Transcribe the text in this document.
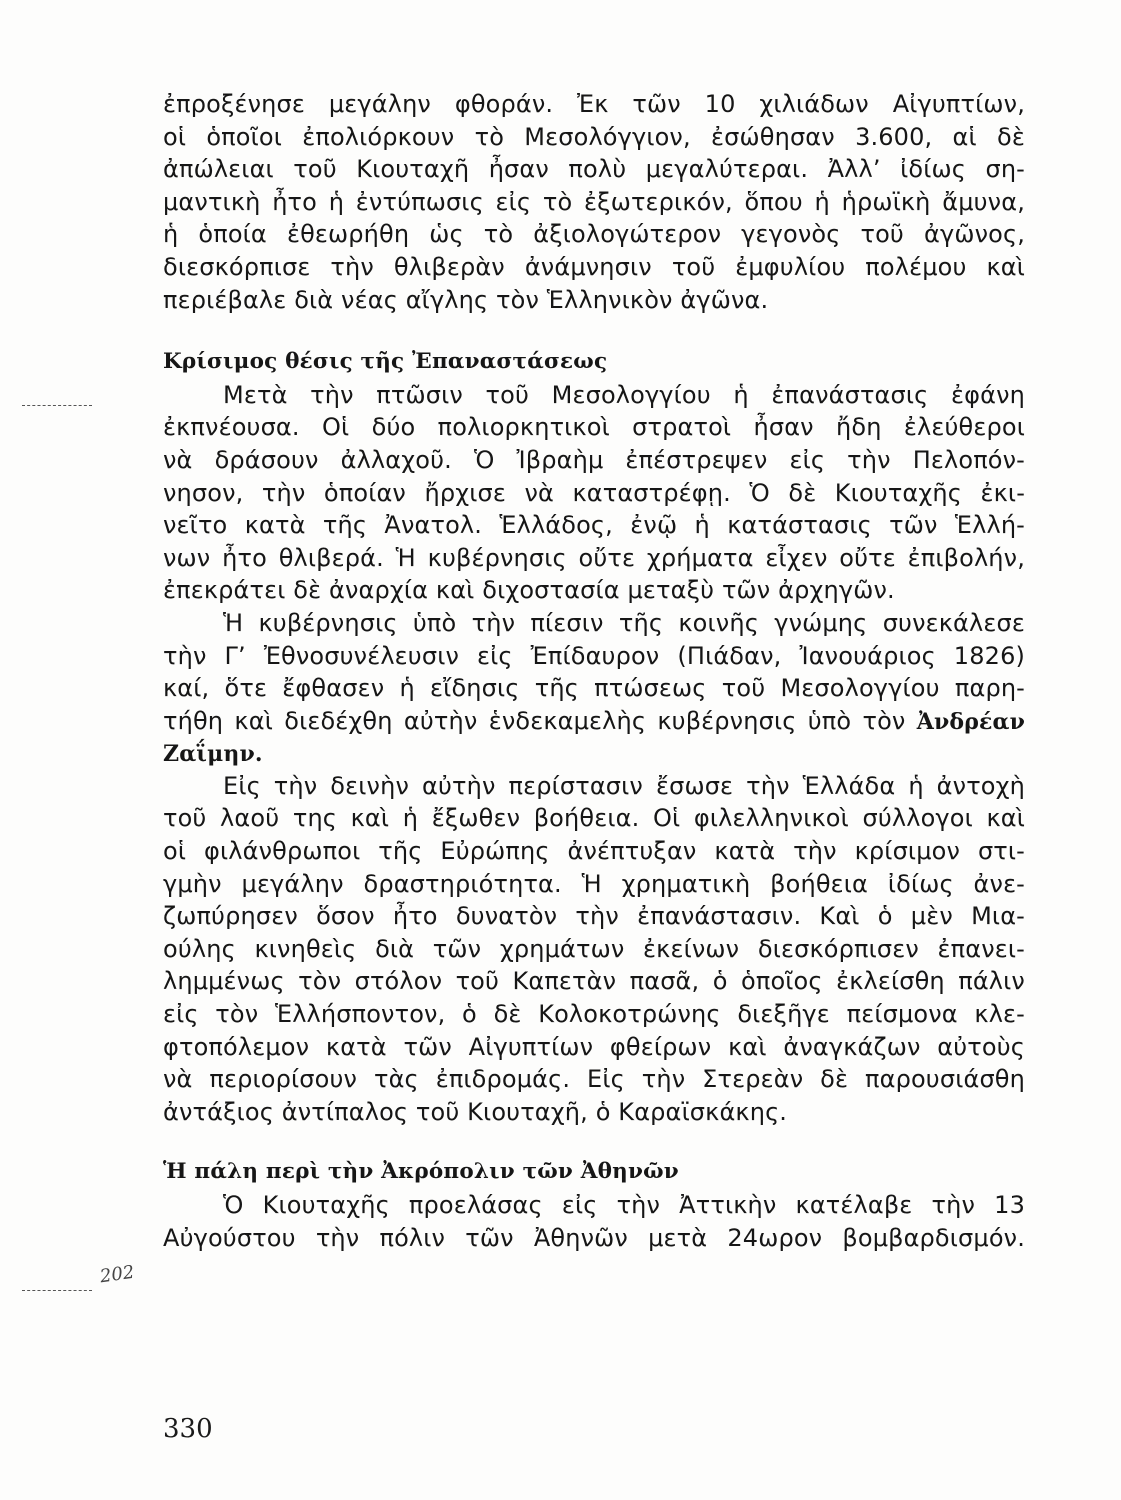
202
ἐπροξένησε μεγάλην φθοράν. Ἐκ τῶν 10 χιλιάδων Αἰγυπτίων,
οἱ ὁποῖοι ἐπολιόρκουν τὸ Μεσολόγγιον, ἐσώθησαν 3.600, αἱ δὲ
ἀπώλειαι τοῦ Κιουταχῆ ἦσαν πολὺ μεγαλύτεραι. Ἀλλ’ ἰδίως ση-
μαντικὴ ἦτο ἡ ἐντύπωσις εἰς τὸ ἐξωτερικόν, ὅπου ἡ ἡρωϊκὴ ἄμυνα,
ἡ ὁποία ἐθεωρήθη ὡς τὸ ἀξιολογώτερον γεγονὸς τοῦ ἀγῶνος,
διεσκόρπισε τὴν θλιβερὰν ἀνάμνησιν τοῦ ἐμφυλίου πολέμου καὶ
περιέβαλε διὰ νέας αἴγλης τὸν Ἑλληνικὸν ἀγῶνα.
Κρίσιμος θέσις τῆς Ἐπαναστάσεως
Μετὰ τὴν πτῶσιν τοῦ Μεσολογγίου ἡ ἐπανάστασις ἐφάνη
ἐκπνέουσα. Οἱ δύο πολιορκητικοὶ στρατοὶ ἦσαν ἤδη ἐλεύθεροι
νὰ δράσουν ἀλλαχοῦ. Ὁ Ἰβραὴμ ἐπέστρεψεν εἰς τὴν Πελοπόν-
νησον, τὴν ὁποίαν ἤρχισε νὰ καταστρέφῃ. Ὁ δὲ Κιουταχῆς ἐκι-
νεῖτο κατὰ τῆς Ἀνατολ. Ἑλλάδος, ἐνῷ ἡ κατάστασις τῶν Ἑλλή-
νων ἦτο θλιβερά. Ἡ κυβέρνησις οὔτε χρήματα εἶχεν οὔτε ἐπιβολήν,
ἐπεκράτει δὲ ἀναρχία καὶ διχοστασία μεταξὺ τῶν ἀρχηγῶν.
Ἡ κυβέρνησις ὑπὸ τὴν πίεσιν τῆς κοινῆς γνώμης συνεκάλεσε
τὴν Γ’ Ἐθνοσυνέλευσιν εἰς Ἐπίδαυρον (Πιάδαν, Ἰανουάριος 1826)
καί, ὅτε ἔφθασεν ἡ εἴδησις τῆς πτώσεως τοῦ Μεσολογγίου παρη-
τήθη καὶ διεδέχθη αὐτὴν ἑνδεκαμελὴς κυβέρνησις ὑπὸ τὸν Ἀνδρέαν
Ζαΐμην.
Εἰς τὴν δεινὴν αὐτὴν περίστασιν ἔσωσε τὴν Ἑλλάδα ἡ ἀντοχὴ
τοῦ λαοῦ της καὶ ἡ ἔξωθεν βοήθεια. Οἱ φιλελληνικοὶ σύλλογοι καὶ
οἱ φιλάνθρωποι τῆς Εὐρώπης ἀνέπτυξαν κατὰ τὴν κρίσιμον στι-
γμὴν μεγάλην δραστηριότητα. Ἡ χρηματικὴ βοήθεια ἰδίως ἀνε-
ζωπύρησεν ὅσον ἦτο δυνατὸν τὴν ἐπανάστασιν. Καὶ ὁ μὲν Μια-
ούλης κινηθεὶς διὰ τῶν χρημάτων ἐκείνων διεσκόρπισεν ἐπανει-
λημμένως τὸν στόλον τοῦ Καπετὰν πασᾶ, ὁ ὁποῖος ἐκλείσθη πάλιν
εἰς τὸν Ἑλλήσποντον, ὁ δὲ Κολοκοτρώνης διεξῆγε πείσμονα κλε-
φτοπόλεμον κατὰ τῶν Αἰγυπτίων φθείρων καὶ ἀναγκάζων αὐτοὺς
νὰ περιορίσουν τὰς ἐπιδρομάς. Εἰς τὴν Στερεὰν δὲ παρουσιάσθη
ἀντάξιος ἀντίπαλος τοῦ Κιουταχῆ, ὁ Καραϊσκάκης.
Ἡ πάλη περὶ τὴν Ἀκρόπολιν τῶν Ἀθηνῶν
Ὁ Κιουταχῆς προελάσας εἰς τὴν Ἀττικὴν κατέλαβε τὴν 13
Αὐγούστου τὴν πόλιν τῶν Ἀθηνῶν μετὰ 24ωρον βομβαρδισμόν.
330
